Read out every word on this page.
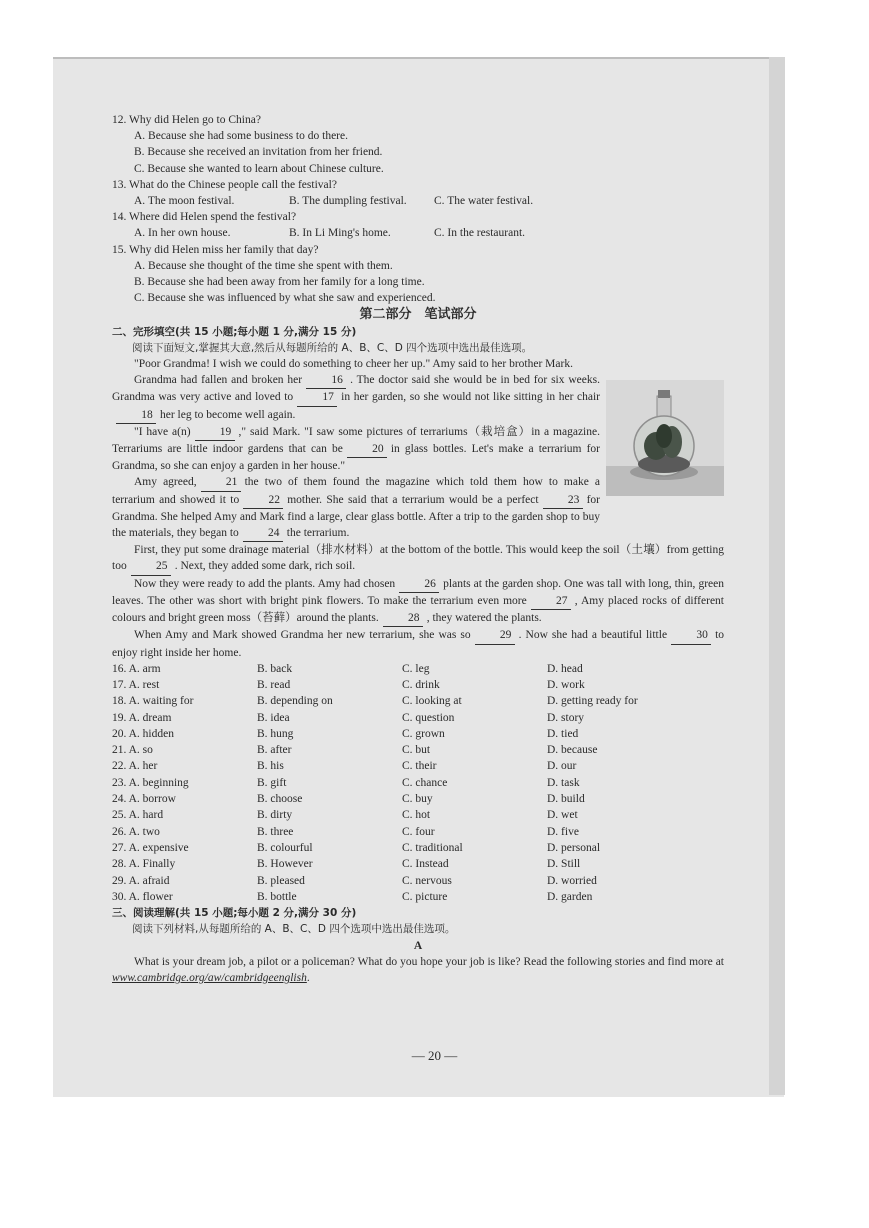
12. Why did Helen go to China?

A. Because she had some business to do there.

B. Because she received an invitation from her friend.

C. Because she wanted to learn about Chinese culture.

13. What do the Chinese people call the festival?

A. The moon festival.	B. The dumpling festival.	C. The water festival.

14. Where did Helen spend the festival?

A. In her own house.	B. In Li Ming's home.	C. In the restaurant.

15. Why did Helen miss her family that day?

A. Because she thought of the time she spent with them.

B. Because she had been away from her family for a long time.

C. Because she was influenced by what she saw and experienced.

第二部分　笔试部分

二、完形填空(共 15 小题;每小题 1 分,满分 15 分)

阅读下面短文,掌握其大意,然后从每题所给的 A、B、C、D 四个选项中选出最佳选项。

"Poor Grandma! I wish we could do something to cheer her up." Amy said to her brother Mark.

Grandma had fallen and broken her	16 . The doctor said she would be in bed for six weeks. Grandma was very active and loved to	17 in her garden, so she would not like sitting in her chair18 her leg to become well again.

"I have a(n)	19 ," said Mark. "I saw some pictures of terrariums（栽培盒）in a magazine. Terrariums are little indoor gardens that can be	20 in glass bottles. Let's make a terrarium for Grandma, so she can enjoy a garden in her house."

Amy agreed,	21 the two of them found the magazine which told them how to make a terrarium and showed it to	22 mother. She said that a terrarium would be a perfect	23 for Grandma. She helped Amy and Mark find a large, clear glass bottle. After a trip to the garden shop to buy the materials, they began to	24 the terrarium.

First, they put some drainage material（排水材料）at the bottom of the bottle. This would keep the soil（土壤）from getting too	25 . Next, they added some dark, rich soil.

Now they were ready to add the plants. Amy had chosen	26 plants at the garden shop. One was tall with long, thin, green leaves. The other was short with bright pink flowers. To make the terrarium even more	27 , Amy placed rocks of different colours and bright green moss（苔藓）around the plants.	28 , they watered the plants.

When Amy and Mark showed Grandma her new terrarium, she was so	29 . Now she had a beautiful little	30 to enjoy right inside her home.

16. A. arm	B. back	C. leg	D. head
17. A. rest	B. read	C. drink	D. work
18. A. waiting for	B. depending on	C. looking at	D. getting ready for
19. A. dream	B. idea	C. question	D. story
20. A. hidden	B. hung	C. grown	D. tied
21. A. so	B. after	C. but	D. because
22. A. her	B. his	C. their	D. our
23. A. beginning	B. gift	C. chance	D. task
24. A. borrow	B. choose	C. buy	D. build
25. A. hard	B. dirty	C. hot	D. wet
26. A. two	B. three	C. four	D. five
27. A. expensive	B. colourful	C. traditional	D. personal
28. A. Finally	B. However	C. Instead	D. Still
29. A. afraid	B. pleased	C. nervous	D. worried
30. A. flower	B. bottle	C. picture	D. garden

三、阅读理解(共 15 小题;每小题 2 分,满分 30 分)

阅读下列材料,从每题所给的 A、B、C、D 四个选项中选出最佳选项。

A

What is your dream job, a pilot or a policeman? What do you hope your job is like? Read the following stories and find more at www.cambridge.org/aw/cambridgeenglish.

— 20 —
